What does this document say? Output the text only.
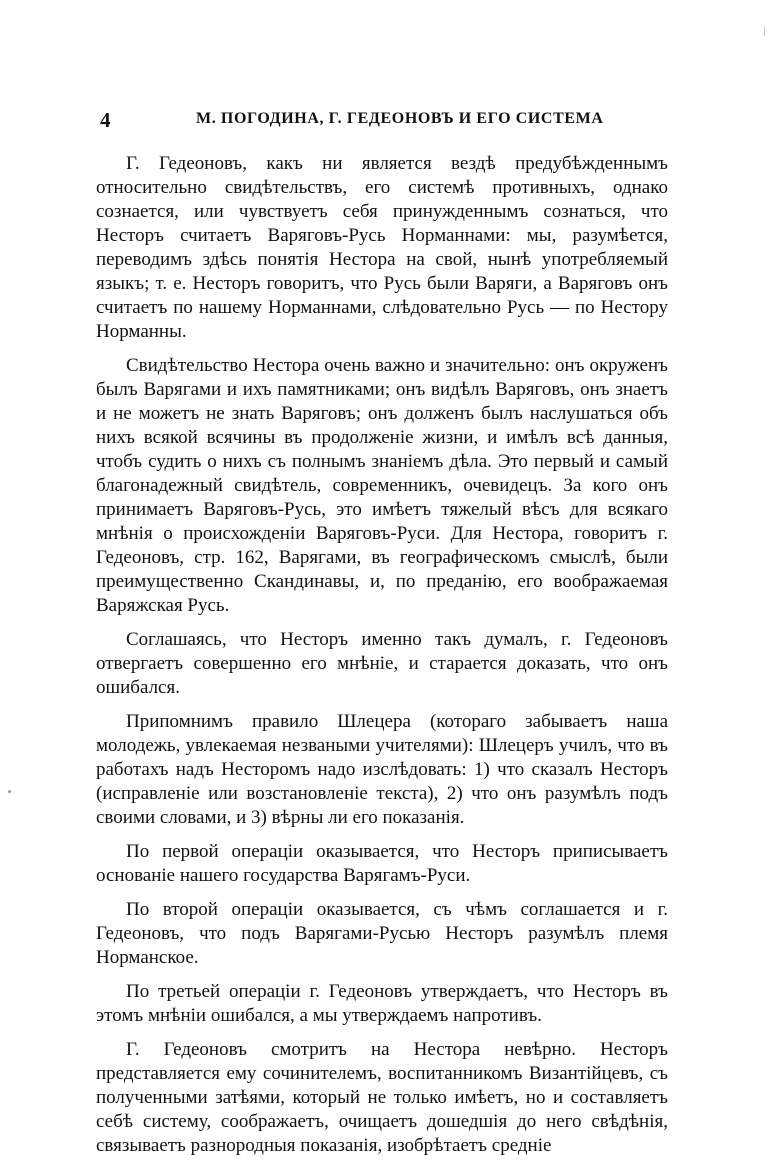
4	М. ПОГОДИНА, Г. ГЕДЕОНОВЪ И ЕГО СИСТЕМА

Г. Гедеоновъ, какъ ни является вездѣ предубѣжденнымъ относительно свидѣтельствъ, его системѣ противныхъ, однако сознается, или чувствуетъ себя принужденнымъ сознаться, что Несторъ считаетъ Варяговъ-Русь Норманнами: мы, разумѣется, переводимъ здѣсь понятія Нестора на свой, нынѣ употребляемый языкъ; т. е. Несторъ говоритъ, что Русь были Варяги, а Варяговъ онъ считаетъ по нашему Норманнами, слѣдовательно Русь — по Нестору Норманны.

Свидѣтельство Нестора очень важно и значительно: онъ окруженъ былъ Варягами и ихъ памятниками; онъ видѣлъ Варяговъ, онъ знаетъ и не можетъ не знать Варяговъ; онъ долженъ былъ наслушаться объ нихъ всякой всячины въ продолженіе жизни, и имѣлъ всѣ данныя, чтобъ судить о нихъ съ полнымъ знаніемъ дѣла. Это первый и самый благонадежный свидѣтель, современникъ, очевидецъ. За кого онъ принимаетъ Варяговъ-Русь, это имѣетъ тяжелый вѣсъ для всякаго мнѣнія о происхожденіи Варяговъ-Руси. Для Нестора, говоритъ г. Гедеоновъ, стр. 162, Варягами, въ географическомъ смыслѣ, были преимущественно Скандинавы, и, по преданію, его воображаемая Варяжская Русь.

Соглашаясь, что Несторъ именно такъ думалъ, г. Гедеоновъ отвергаетъ совершенно его мнѣніе, и старается доказать, что онъ ошибался.

Припомнимъ правило Шлецера (котораго забываетъ наша молодежь, увлекаемая незваными учителями): Шлецеръ училъ, что въ работахъ надъ Несторомъ надо изслѣдовать: 1) что сказалъ Несторъ (исправленіе или возстановленіе текста), 2) что онъ разумѣлъ подъ своими словами, и 3) вѣрны ли его показанія.

По первой операціи оказывается, что Несторъ приписываетъ основаніе нашего государства Варягамъ-Руси.

По второй операціи оказывается, съ чѣмъ соглашается и г. Гедеоновъ, что подъ Варягами-Русью Несторъ разумѣлъ племя Норманское.

По третьей операціи г. Гедеоновъ утверждаетъ, что Несторъ въ этомъ мнѣніи ошибался, а мы утверждаемъ напротивъ.

Г. Гедеоновъ смотритъ на Нестора невѣрно. Несторъ представляется ему сочинителемъ, воспитанникомъ Византійцевъ, съ полученными затѣями, который не только имѣетъ, но и составляетъ себѣ систему, соображаетъ, очищаетъ дошедшія до него свѣдѣнія, связываетъ разнородныя показанія, изобрѣтаетъ средніе
